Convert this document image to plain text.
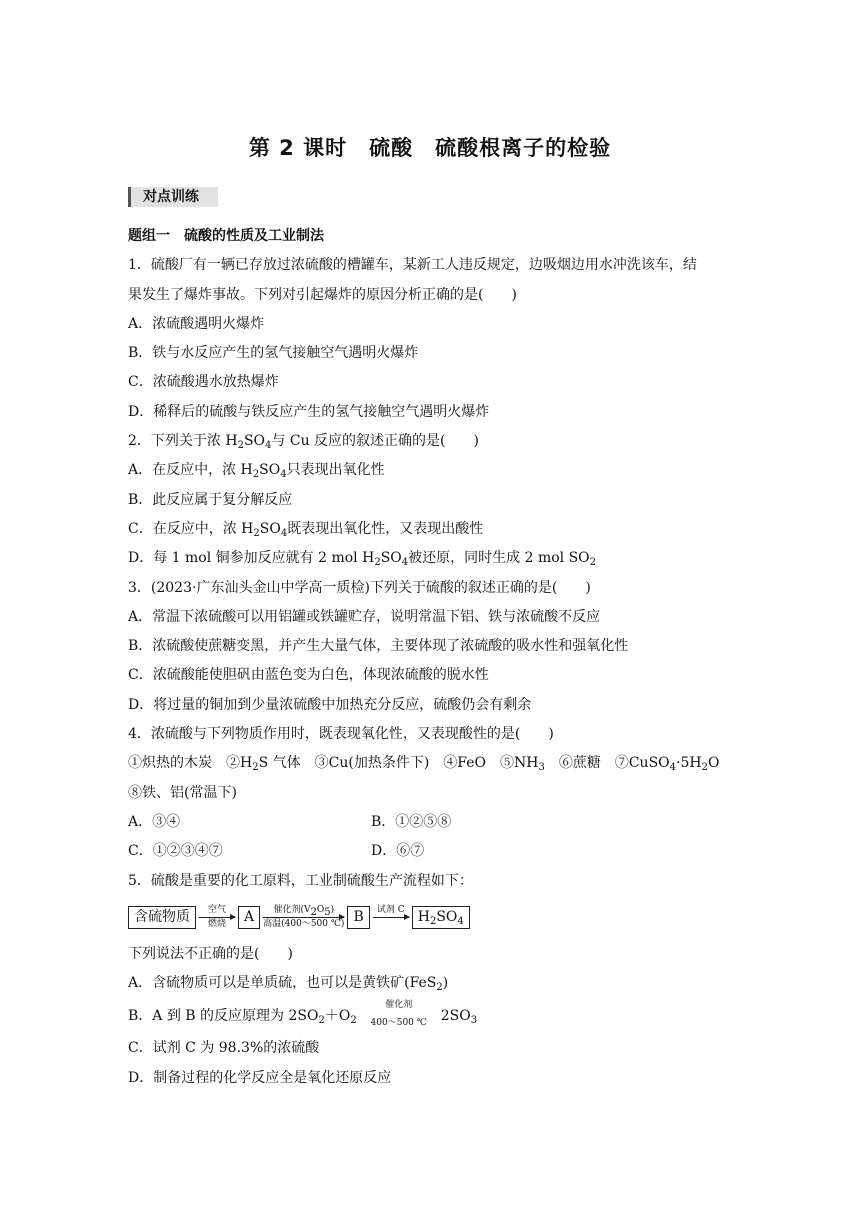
第 2 课时　硫酸　硫酸根离子的检验
对点训练
题组一　硫酸的性质及工业制法
1．硫酸厂有一辆已存放过浓硫酸的槽罐车，某新工人违反规定，边吸烟边用水冲洗该车，结
果发生了爆炸事故。下列对引起爆炸的原因分析正确的是(　　)
A．浓硫酸遇明火爆炸
B．铁与水反应产生的氢气接触空气遇明火爆炸
C．浓硫酸遇水放热爆炸
D．稀释后的硫酸与铁反应产生的氢气接触空气遇明火爆炸
2．下列关于浓 $H_2SO_4$与 Cu 反应的叙述正确的是(　　)
A．在反应中，浓 $H_2SO_4$只表现出氧化性
B．此反应属于复分解反应
C．在反应中，浓 $H_2SO_4$既表现出氧化性，又表现出酸性
D．每 1 mol 铜参加反应就有 2 mol $H_2SO_4$被还原，同时生成 2 mol $SO_2$
3．(2023·广东汕头金山中学高一质检)下列关于硫酸的叙述正确的是(　　)
A．常温下浓硫酸可以用铝罐或铁罐贮存，说明常温下铝、铁与浓硫酸不反应
B．浓硫酸使蔗糖变黑，并产生大量气体，主要体现了浓硫酸的吸水性和强氧化性
C．浓硫酸能使胆矾由蓝色变为白色，体现浓硫酸的脱水性
D．将过量的铜加到少量浓硫酸中加热充分反应，硫酸仍会有剩余
4．浓硫酸与下列物质作用时，既表现氧化性，又表现酸性的是(　　)
①炽热的木炭　$②H_2S$ 气体　③Cu(加热条件下)　④FeO　$⑤NH_3$　⑥蔗糖　$⑦CuSO_4\cdot 5H_2O$
⑧铁、铝(常温下)
A．③④	B．①②⑤⑧
C．①②③④⑦	D．⑥⑦
5．硫酸是重要的化工原料，工业制硫酸生产流程如下：
含硫物质	空气
燃烧	A	催化剂$(V_2O_5)$
高温(400～500 ℃) B	试剂 C
$H_2SO_4$
下列说法不正确的是(　　)
A．含硫物质可以是单质硫，也可以是黄铁矿(FeS$_2$)
B．A 到 B 的反应原理为 $2SO_2+O_2$
催化剂
400～500 ℃ $2SO_3$
C．试剂 C 为 98.3%的浓硫酸
D．制备过程的化学反应全是氧化还原反应
